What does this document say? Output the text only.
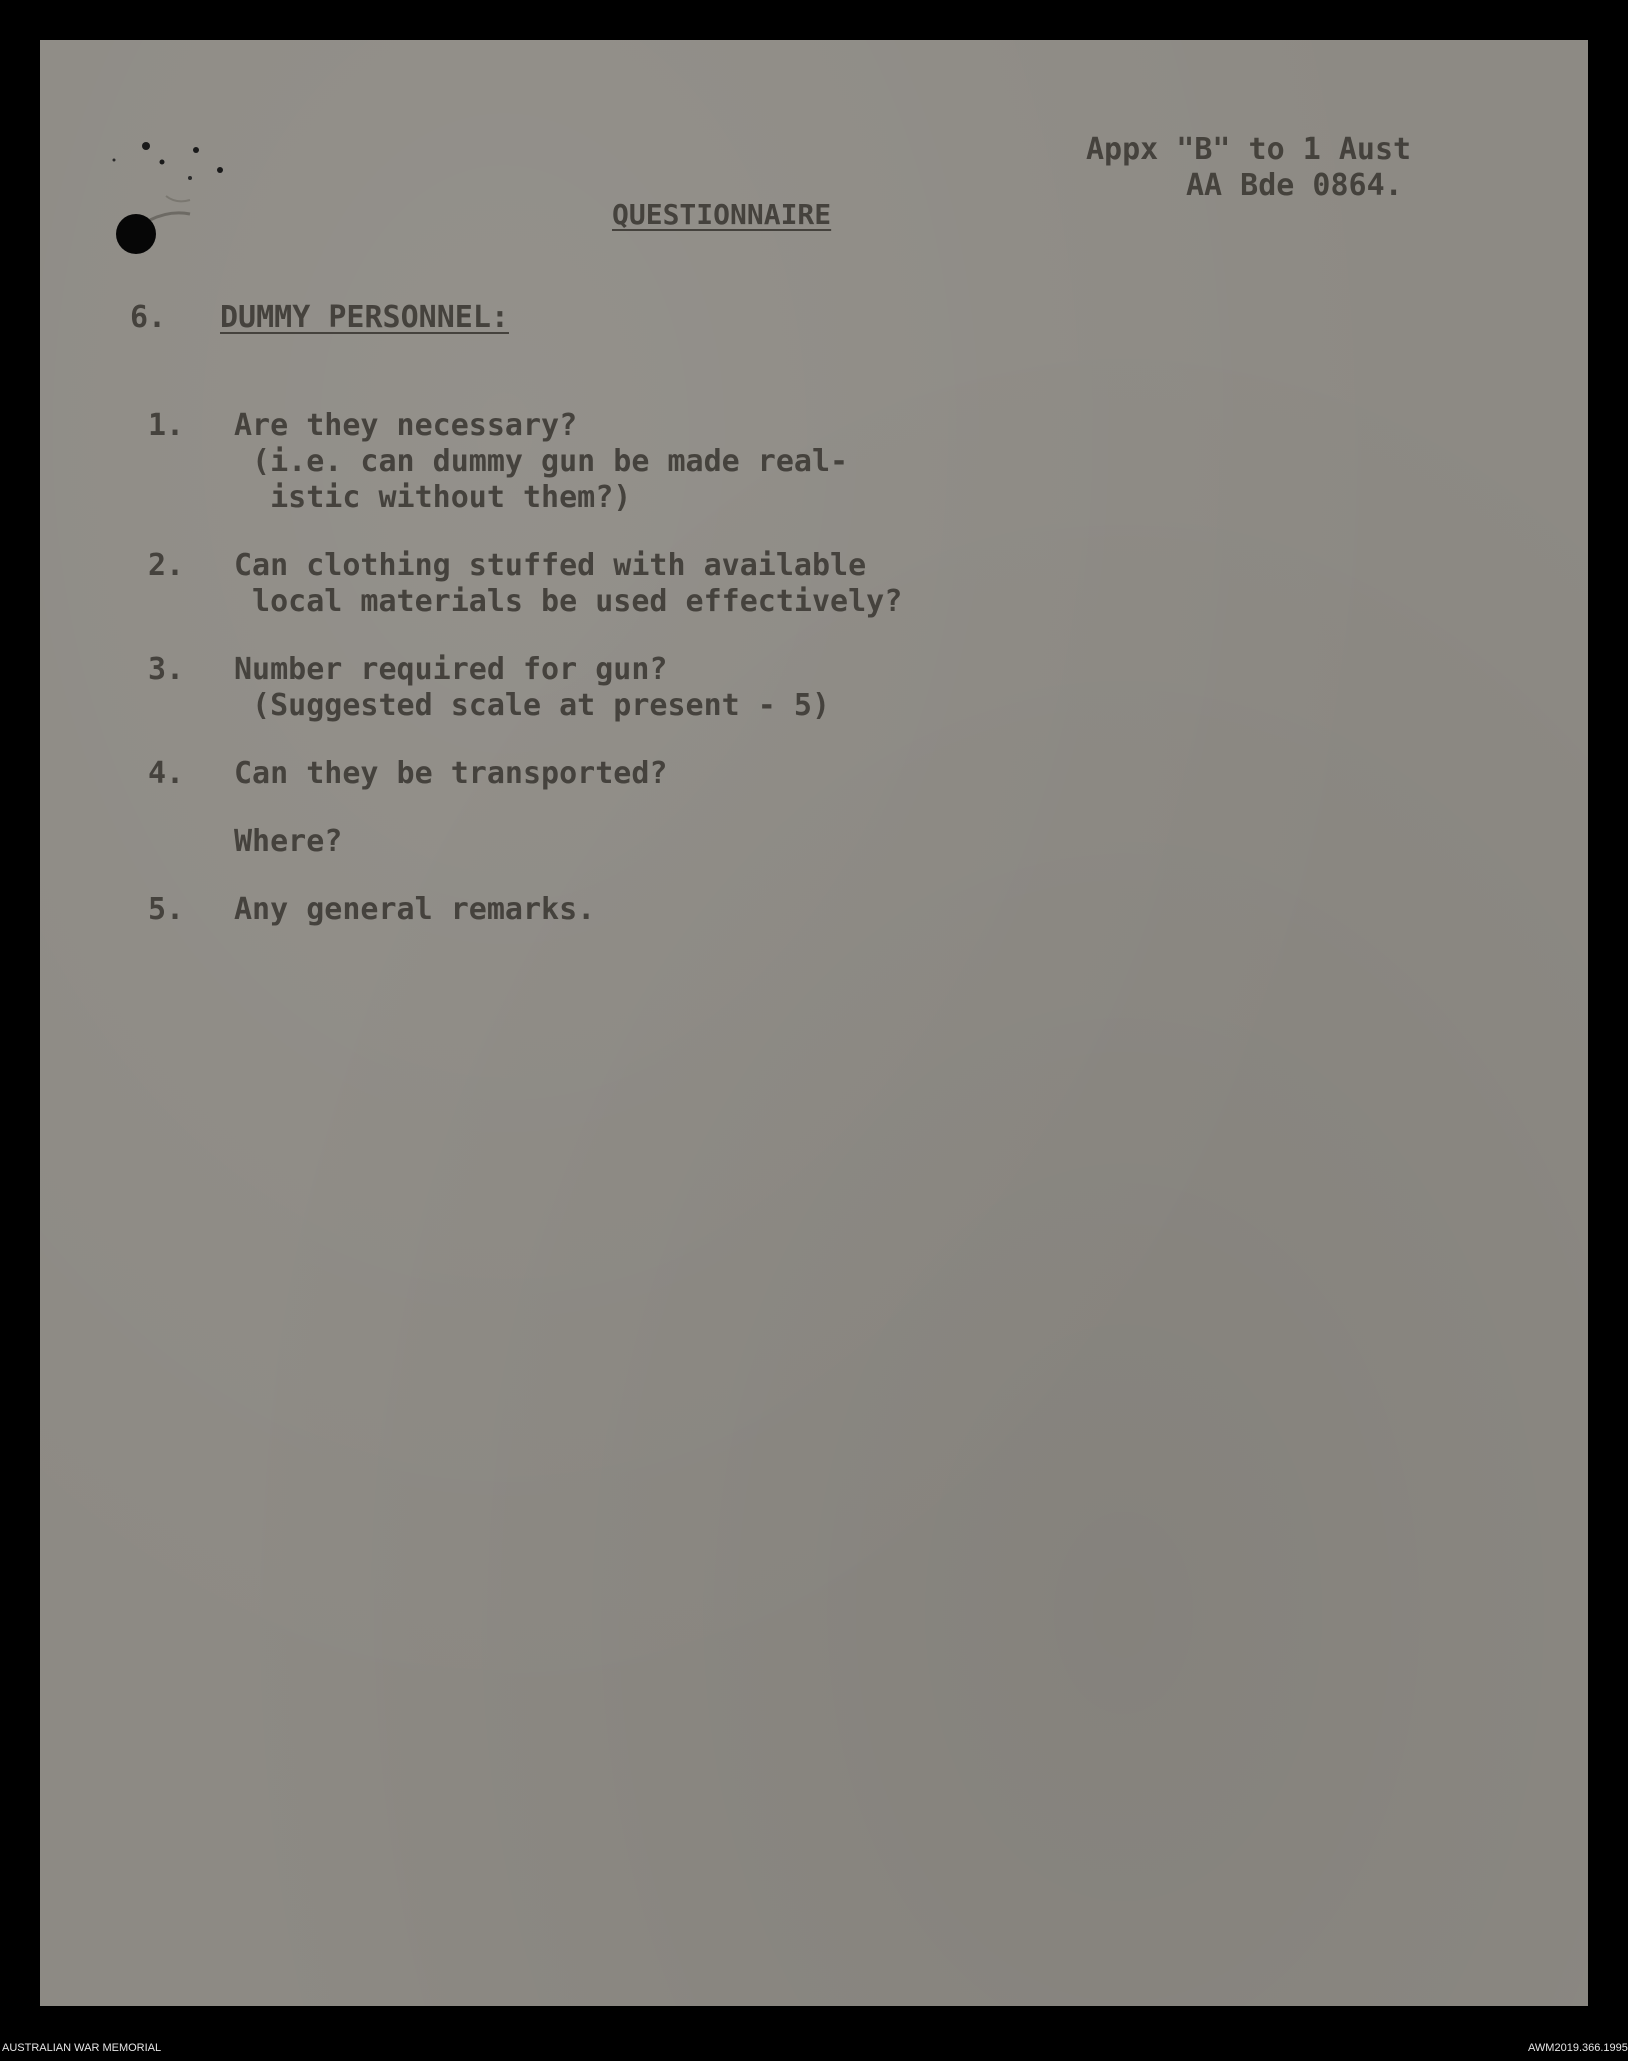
Appx "B" to 1 Aust
AA Bde 0864.
QUESTIONNAIRE
6. DUMMY PERSONNEL:
1. Are they necessary?
(i.e. can dummy gun be made real-
istic without them?)
2. Can clothing stuffed with available
local materials be used effectively?
3. Number required for gun?
(Suggested scale at present - 5)
4. Can they be transported?
Where?
5. Any general remarks.
AUSTRALIAN WAR MEMORIAL	AWM2019.366.1995
